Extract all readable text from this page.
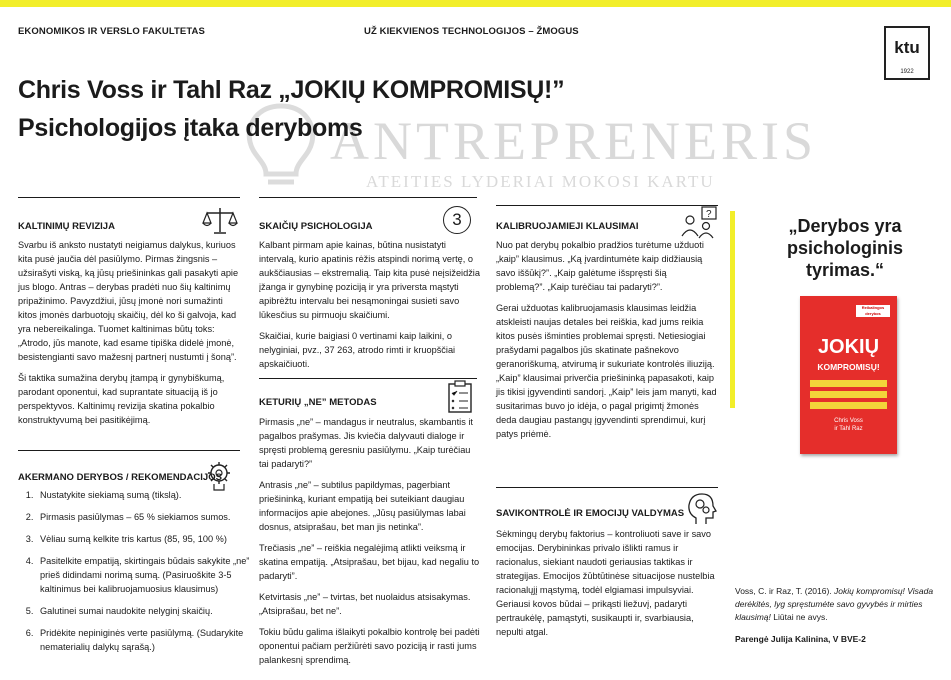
EKONOMIKOS IR VERSLO FAKULTETAS	UŽ KIEKVIENOS TECHNOLOGIJOS – ŽMOGUS
ktu
1922
ANTREPRENERIS
ATEITIES LYDERIAI MOKOSI KARTU
Chris Voss ir Tahl Raz „JOKIŲ KOMPROMISŲ!”
Psichologijos įtaka deryboms
KALTINIMŲ REVIZIJA

Svarbu iš anksto nustatyti neigiamus dalykus, kuriuos kita pusė jaučia dėl pasiūlymo. Pirmas žingsnis – užsirašyti viską, ką jūsų priešininkas gali pasakyti apie jus blogo. Antras – derybas pradėti nuo šių kaltinimų pripažinimo. Pavyzdžiui, jūsų įmonė nori sumažinti kitos įmonės darbuotojų skaičių, dėl ko ši galvoja, kad yra nebereikalinga. Tuomet kaltinimas būtų toks: „Atrodo, jūs manote, kad esame tipiška didelė įmonė, besistengianti savo mažesnį partnerį nustumti į šoną”.

Ši taktika sumažina derybų įtampą ir gynybiškumą, parodant oponentui, kad suprantate situaciją iš jo perspektyvos. Kaltinimų revizija skatina pokalbio konstruktyvumą bei pasitikėjimą.

AKERMANO DERYBOS / REKOMENDACIJOS
1. Nustatykite siekiamą sumą (tikslą).
2. Pirmasis pasiūlymas – 65 % siekiamos sumos.
3. Vėliau sumą kelkite tris kartus (85, 95, 100 %)
4. Pasitelkite empatiją, skirtingais būdais sakykite „ne” prieš didindami norimą sumą. (Pasiruoškite 3-5 kaltinimus bei kalibruojamuosius klausimus)
5. Galutinei sumai naudokite nelyginį skaičių.
6. Pridėkite nepiniginės verte pasiūlymą. (Sudarykite nematerialių dalykų sąrašą.)
SKAIČIŲ PSICHOLOGIJA	3

Kalbant pirmam apie kainas, būtina nusistatyti intervalą, kurio apatinis rėžis atspindi norimą vertę, o aukščiausias – ekstremalią. Taip kita pusė neįsižeidžia įžanga ir gynybinę poziciją ir yra priversta mąstyti apibrėžtu intervalu bei nesąmoningai susieti savo lūkesčius su pirmuoju skaičiumi.

Skaičiai, kurie baigiasi 0 vertinami kaip laikini, o nelyginiai, pvz., 37 263, atrodo rimti ir kruopščiai apskaičiuoti.

KETURIŲ „NE” METODAS

Pirmasis „ne” – mandagus ir neutralus, skambantis it pagalbos prašymas. Jis kviečia dalyvauti dialoge ir spręsti problemą geresniu pasiūlymu. „Kaip turėčiau tai padaryti?”

Antrasis „ne” – subtilus papildymas, pagerbiant priešininką, kuriant empatiją bei suteikiant daugiau informacijos apie abejones. „Jūsų pasiūlymas labai dosnus, atsiprašau, bet man jis netinka”.

Trečiasis „ne” – reiškia negalėjimą atlikti veiksmą ir skatina empatiją. „Atsiprašau, bet bijau, kad negaliu to padaryti”.

Ketvirtasis „ne” – tvirtas, bet nuolaidus atsisakymas. „Atsiprašau, bet ne”.

Tokiu būdu galima išlaikyti pokalbio kontrolę bei padėti oponentui pačiam peržiūrėti savo poziciją ir rasti jums palankesnį sprendimą.

KALIBRUOJAMIEJI KLAUSIMAI
?

Nuo pat derybų pokalbio pradžios turėtume užduoti „kaip” klausimus. „Ką įvardintumėte kaip didžiausią savo iššūkį?”. „Kaip galėtume išspręsti šią problemą?”. „Kaip turėčiau tai padaryti?”.

Gerai užduotas kalibruojamasis klausimas leidžia atskleisti naujas detales bei reiškia, kad jums reikia kitos pusės išminties problemai spręsti. Netiesiogiai prašydami pagalbos jūs skatinate pašnekovo geranoriškumą, atvirumą ir sukuriate kontrolės iliuziją. „Kaip” klausimai priverčia priešininką papasakoti, kaip jis tikisi įgyvendinti sandorį. „Kaip” leis jam manyti, kad susitarimas buvo jo idėja, o pagal prigimtį žmonės deda daugiau pastangų įgyvendinti sprendimui, kurį patys priėmė.

SAVIKONTROLĖ IR EMOCIJŲ VALDYMAS

Sėkmingų derybų faktorius – kontroliuoti save ir savo emocijas. Derybininkas privalo išlikti ramus ir racionalus, siekiant naudoti geriausias taktikas ir strategijas. Emocijos žūbtūtinėse situacijose nustelbia racionalųjį mąstymą, todėl elgiamasi impulsyviai. Geriausi kovos būdai – prikąsti liežuvį, padaryti pertraukėlę, pamąstyti, susikaupti ir, svarbiausia, nepulti atgal.

„Derybos yra
psichologinis
tyrimas.“
Reikalingos derybos
JOKIŲ
KOMPROMISŲ!
Chris Voss
ir Tahl Raz
Voss, C. ir Raz, T. (2016). Jokių kompromisų! Visada derėkitės, lyg spręstumėte savo gyvybės ir mirties klausimą! Liūtai ne avys.
Parengė Julija Kalinina, V BVE-2
